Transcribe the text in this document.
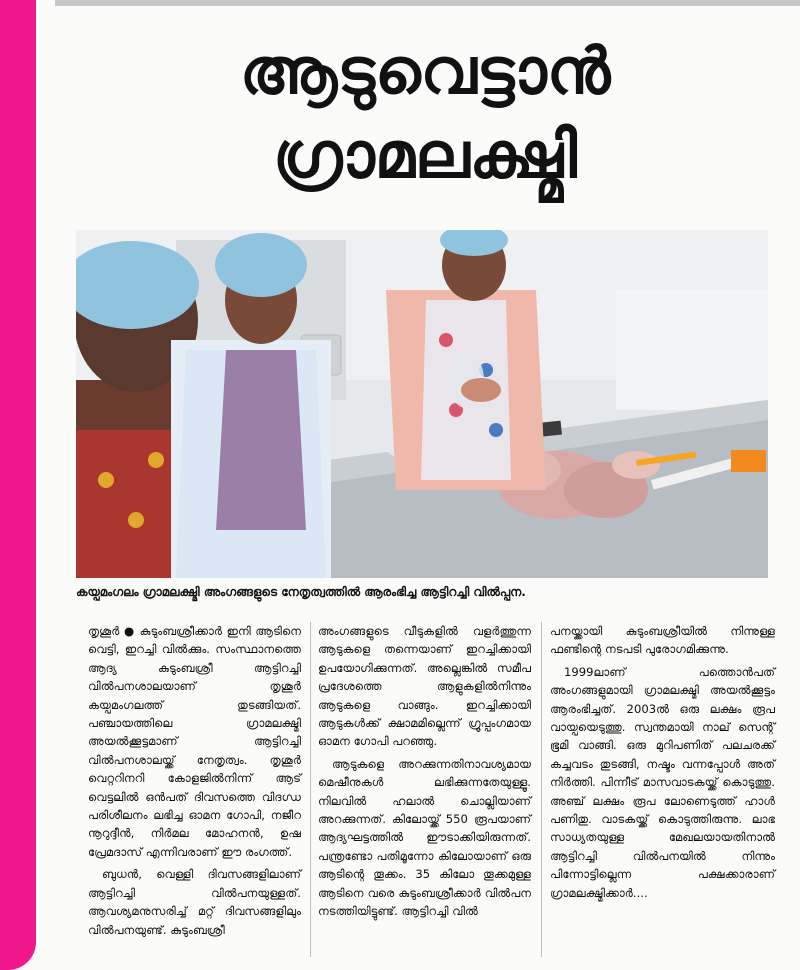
ആടുവെട്ടാൻ
ഗ്രാമലക്ഷ്മി
കയ്പമംഗലം ഗ്രാമലക്ഷ്മി അംഗങ്ങളുടെ നേതൃത്വത്തിൽ ആരംഭിച്ച ആട്ടിറച്ചി വിൽപ്പന.

തൃശൂർ ● കുടുംബശ്രീക്കാർ ഇനി ആടിനെ വെട്ടി, ഇറച്ചി വിൽക്കും. സംസ്ഥാനത്തെ ആദ്യ കുടുംബശ്രീ ആട്ടിറച്ചി വിൽപനശാലയാണ് തൃശൂർ കയ്പമംഗലത്ത് തുടങ്ങിയത്. പഞ്ചായത്തിലെ ഗ്രാമലക്ഷ്മി അയൽക്കൂട്ടമാണ് ആട്ടിറച്ചി വിൽപനശാലയ്ക്ക് നേതൃത്വം. തൃശൂർ വെറ്ററിനറി കോളജിൽനിന്ന് ആട് വെട്ടലിൽ ഒൻപത് ദിവസത്തെ വിദഗ്ധ പരിശീലനം ലഭിച്ച ഓമന ഗോപി, നജീറ നൂറുദ്ദീൻ, നിർമല മോഹനൻ, ഉഷ പ്രേമദാസ് എന്നിവരാണ് ഈ രംഗത്ത്.

ബുധൻ, വെള്ളി ദിവസങ്ങളിലാണ് ആട്ടിറച്ചി വിൽപനയുള്ളത്. ആവശ്യമനുസരിച്ച് മറ്റ് ദിവസങ്ങളിലും വിൽപനയുണ്ട്. കുടുംബശ്രീ

അംഗങ്ങളുടെ വീടുകളിൽ വളർത്തുന്ന ആടുകളെ തന്നെയാണ് ഇറച്ചിക്കായി ഉപയോഗിക്കുന്നത്. അല്ലെങ്കിൽ സമീപ പ്രദേശത്തെ ആളുകളിൽനിന്നും ആടുകളെ വാങ്ങും. ഇറച്ചിക്കായി ആടുകൾക്ക് ക്ഷാമമില്ലെന്ന് ഗ്രൂപ്പംഗമായ ഓമന ഗോപി പറഞ്ഞു.

ആടുകളെ അറക്കുന്നതിനാവശ്യമായ മെഷീനുകൾ ലഭിക്കുന്നതേയുള്ളൂ. നിലവിൽ ഹലാൽ ചൊല്ലിയാണ് അറക്കുന്നത്. കിലോയ്ക്ക് 550 രൂപയാണ് ആദ്യഘട്ടത്തിൽ ഈടാക്കിയിരുന്നത്. പന്ത്രണ്ടോ പതിമൂന്നോ കിലോയാണ് ഒരു ആടിന്റെ തൂക്കം. 35 കിലോ തൂക്കമുള്ള ആടിനെ വരെ കുടുംബശ്രീക്കാർ വിൽപന നടത്തിയിട്ടുണ്ട്. ആട്ടിറച്ചി വിൽ

പനയ്ക്കായി കുടുംബശ്രീയിൽ നിന്നുള്ള ഫണ്ടിന്റെ നടപടി പുരോഗമിക്കുന്നു.

1999ലാണ് പത്തൊൻപത് അംഗങ്ങളുമായി ഗ്രാമലക്ഷ്മി അയൽക്കൂട്ടം ആരംഭിച്ചത്. 2003ൽ ഒരു ലക്ഷം രൂപ വായ്പയെടുത്തു. സ്വന്തമായി നാല് സെന്റ് ഭൂമി വാങ്ങി. ഒരു മുറിപണിത് പലചരക്ക് കച്ചവടം തുടങ്ങി, നഷ്ടം വന്നപ്പോൾ അത് നിർത്തി. പിന്നീട് മാസവാടകയ്ക്ക് കൊടുത്തു. അഞ്ച് ലക്ഷം രൂപ ലോണെടുത്ത് ഹാൾ പണിതു. വാടകയ്ക്ക് കൊടുത്തിരുന്നു. ലാഭ സാധ്യതയുള്ള മേഖലയായതിനാൽ ആട്ടിറച്ചി വിൽപനയിൽ നിന്നും പിന്നോട്ടില്ലെന്ന പക്ഷക്കാരാണ് ഗ്രാമലക്ഷ്മിക്കാർ....
